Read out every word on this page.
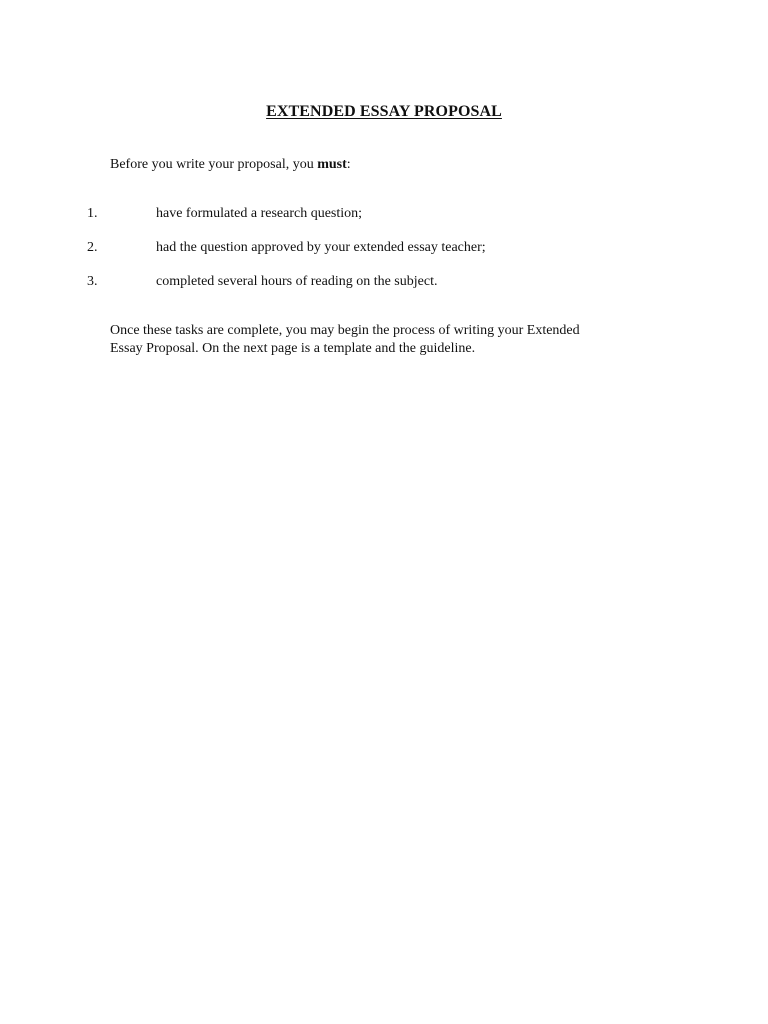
EXTENDED ESSAY PROPOSAL
Before you write your proposal, you must:
1.	have formulated a research question;
2.	had the question approved by your extended essay teacher;
3.	completed several hours of reading on the subject.
Once these tasks are complete, you may begin the process of writing your Extended
Essay Proposal. On the next page is a template and the guideline.
